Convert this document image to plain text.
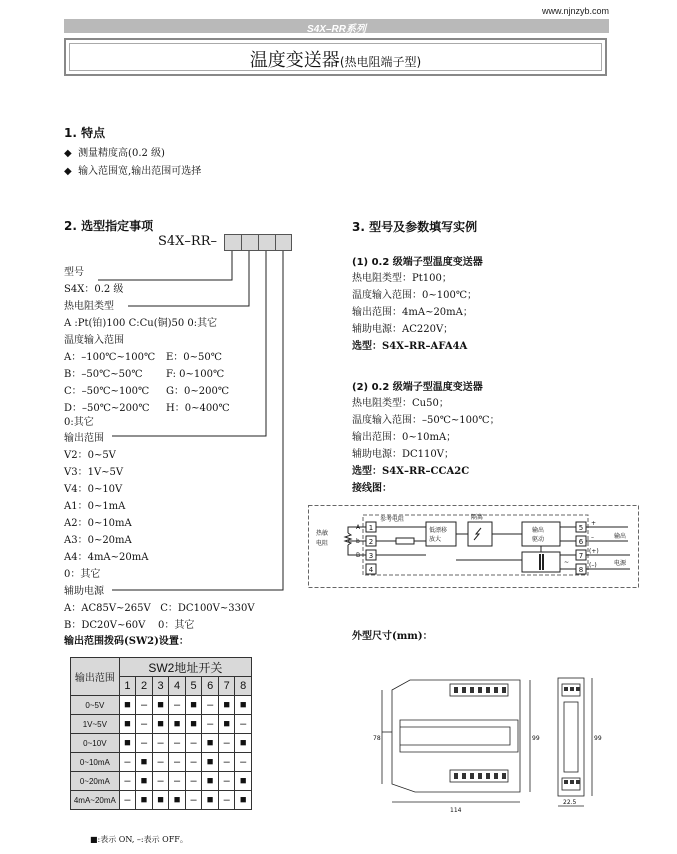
www.njnzyb.com
S4X–RR系列
温度变送器(热电阻端子型)
1. 特点
◆  测量精度高(0.2 级)
◆  输入范围宽,输出范围可选择
2. 选型指定事项
S4X–RR–
型号
S4X：0.2 级
热电阻类型
A :Pt(铂)100 C:Cu(铜)50 0:其它
温度输入范围
A：–100℃~100℃ E：0~50℃
B：–50℃~50℃ F: 0~100℃
C：–50℃~100℃ G：0~200℃
D：–50℃~200℃ H：0~400℃
0:其它
输出范围
V2：0~5V
V3：1V~5V
V4：0~10V
A1：0~1mA
A2：0~10mA
A3：0~20mA
A4：4mA~20mA
0：其它
辅助电源
A：AC85V~265V   C：DC100V~330V
B：DC20V~60V    0：其它
输出范围拨码(SW2)设置：
输出范围	SW2地址开关							
	1	2	3	4	5	6	7	8
0~5V	■	–	■	–	■	–	■	■
1V~5V	■	–	■	■	■	–	■	–
0~10V	■	–	–	–	–	■	–	■
0~10mA	–	■	–	–	–	■	–	–
0~20mA	–	■	–	–	–	■	–	■
4mA~20mA	–	■	■	■	–	■	–	■
■:表示 ON, –:表示 OFF。
3. 型号及参数填写实例
(1) 0.2 级端子型温度变送器
热电阻类型：Pt100；
温度输入范围：0~100℃；
输出范围：4mA~20mA；
辅助电源：AC220V；
选型：S4X–RR–AFA4A
(2) 0.2 级端子型温度变送器
热电阻类型：Cu50；
温度输入范围：–50℃~100℃；
输出范围：0~10mA；
辅助电源：DC110V；
选型：S4X–RR–CCA2C
接线图：
1
2
3
4
5
6
7
8
热敏
电阻
A
b
B
参考电阻
低漂移
放大
隔离
输出
驱动
~
+
–
(+)
(–)
输出
电源
外型尺寸(mm)：
78	99
114
99
22.5
